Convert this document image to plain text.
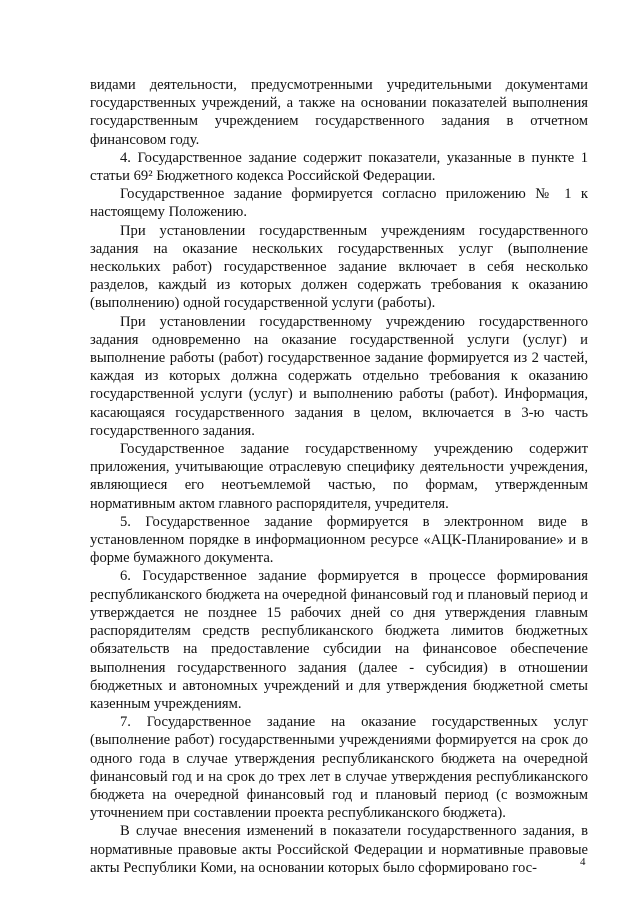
видами деятельности, предусмотренными учредительными документами государственных учреждений, а также на основании показателей выполнения государственным учреждением государственного задания в отчетном финансовом году.

4. Государственное задание содержит показатели, указанные в пункте 1 статьи 69² Бюджетного кодекса Российской Федерации.

Государственное задание формируется согласно приложению № 1 к настоящему Положению.

При установлении государственным учреждениям государственного задания на оказание нескольких государственных услуг (выполнение нескольких работ) государственное задание включает в себя несколько разделов, каждый из которых должен содержать требования к оказанию (выполнению) одной государственной услуги (работы).

При установлении государственному учреждению государственного задания одновременно на оказание государственной услуги (услуг) и выполнение работы (работ) государственное задание формируется из 2 частей, каждая из которых должна содержать отдельно требования к оказанию государственной услуги (услуг) и выполнению работы (работ). Информация, касающаяся государственного задания в целом, включается в 3-ю часть государственного задания.

Государственное задание государственному учреждению содержит приложения, учитывающие отраслевую специфику деятельности учреждения, являющиеся его неотъемлемой частью, по формам, утвержденным нормативным актом главного распорядителя, учредителя.

5. Государственное задание формируется в электронном виде в установленном порядке в информационном ресурсе «АЦК-Планирование» и в форме бумажного документа.

6. Государственное задание формируется в процессе формирования республиканского бюджета на очередной финансовый год и плановый период и утверждается не позднее 15 рабочих дней со дня утверждения главным распорядителям средств республиканского бюджета лимитов бюджетных обязательств на предоставление субсидии на финансовое обеспечение выполнения государственного задания (далее - субсидия) в отношении бюджетных и автономных учреждений и для утверждения бюджетной сметы казенным учреждениям.

7. Государственное задание на оказание государственных услуг (выполнение работ) государственными учреждениями формируется на срок до одного года в случае утверждения республиканского бюджета на очередной финансовый год и на срок до трех лет в случае утверждения республиканского бюджета на очередной финансовый год и плановый период (с возможным уточнением при составлении проекта республиканского бюджета).

В случае внесения изменений в показатели государственного задания, в нормативные правовые акты Российской Федерации и нормативные правовые акты Республики Коми, на основании которых было сформировано гос-	4
